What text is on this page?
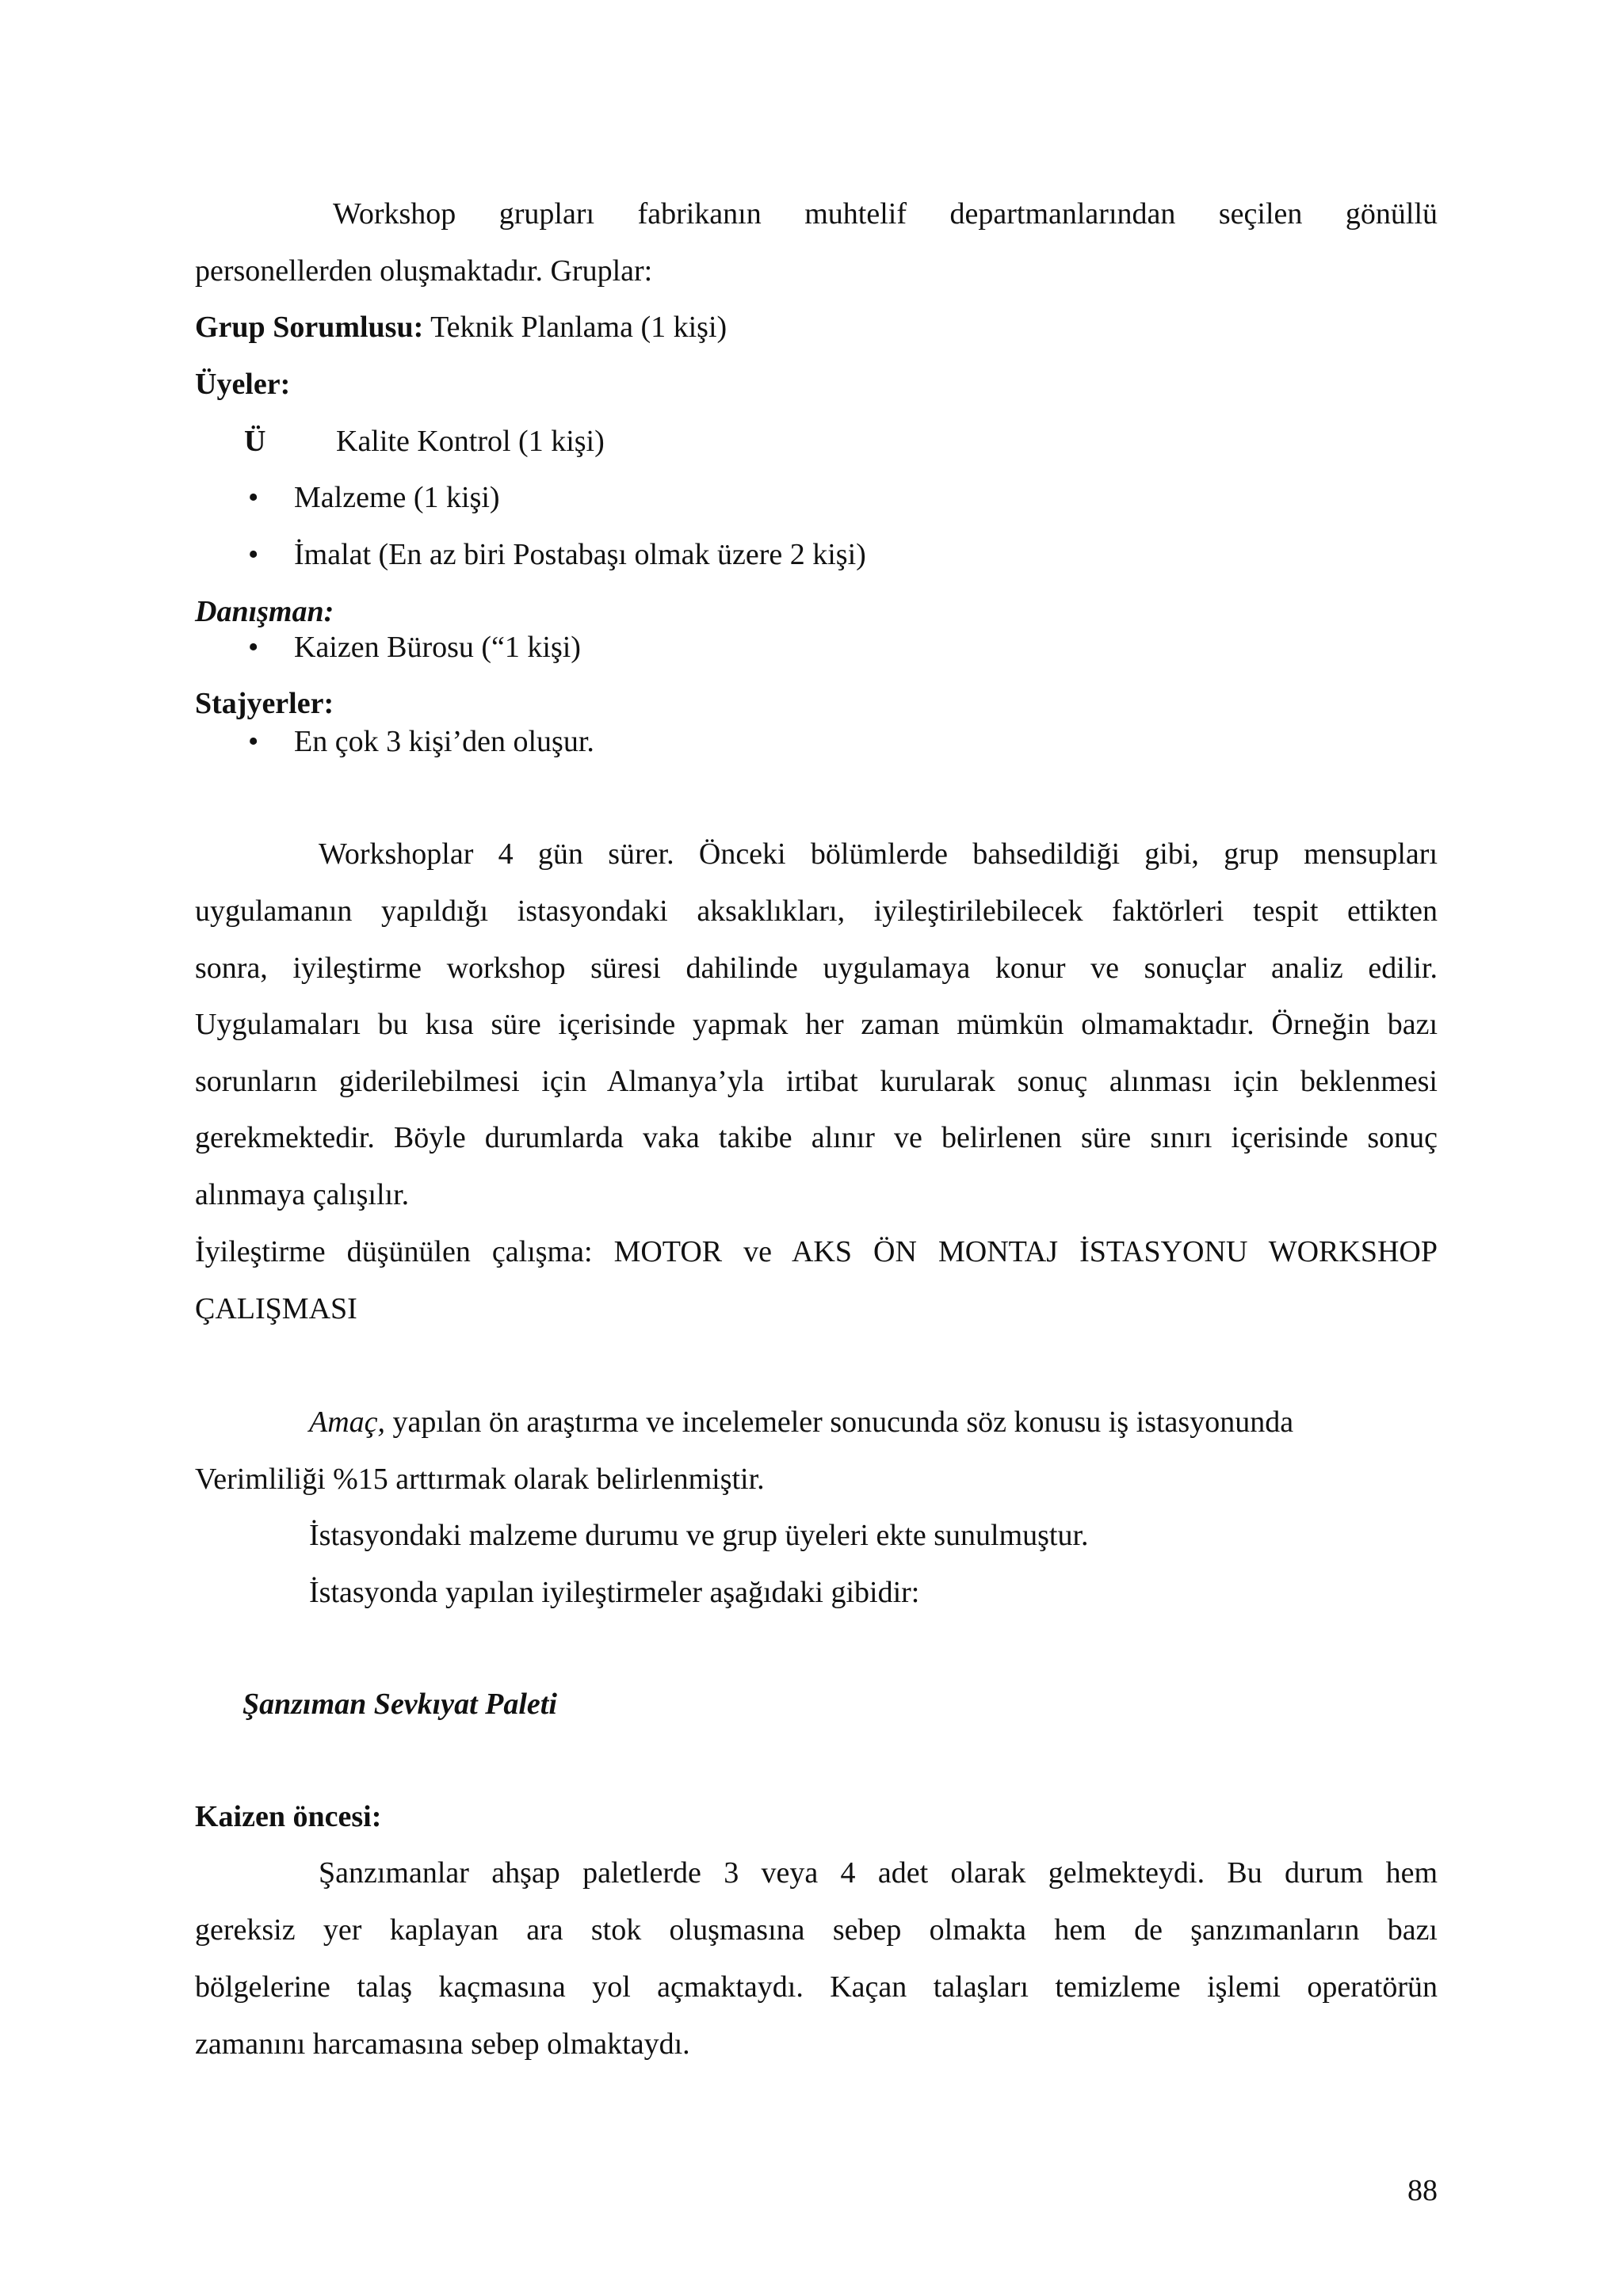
Workshop grupları fabrikanın muhtelif departmanlarından seçilen gönüllü
personellerden oluşmaktadır. Gruplar:
Grup Sorumlusu: Teknik Planlama (1 kişi)
Üyeler:
Ü Kalite Kontrol (1 kişi)
• Malzeme (1 kişi)
• İmalat (En az biri Postabaşı olmak üzere 2 kişi)
Danışman:
• Kaizen Bürosu (“1 kişi)
Stajyerler:
• En çok 3 kişi’den oluşur.
Workshoplar 4 gün sürer. Önceki bölümlerde bahsedildiği gibi, grup mensupları
uygulamanın yapıldığı istasyondaki aksaklıkları, iyileştirilebilecek faktörleri tespit ettikten
sonra, iyileştirme workshop süresi dahilinde uygulamaya konur ve sonuçlar analiz edilir.
Uygulamaları bu kısa süre içerisinde yapmak her zaman mümkün olmamaktadır. Örneğin bazı
sorunların giderilebilmesi için Almanya’yla irtibat kurularak sonuç alınması için beklenmesi
gerekmektedir. Böyle durumlarda vaka takibe alınır ve belirlenen süre sınırı içerisinde sonuç
alınmaya çalışılır.
İyileştirme düşünülen çalışma: MOTOR ve AKS ÖN MONTAJ İSTASYONU WORKSHOP
ÇALIŞMASI
Amaç, yapılan ön araştırma ve incelemeler sonucunda söz konusu iş istasyonunda
Verimliliği %15 arttırmak olarak belirlenmiştir.
İstasyondaki malzeme durumu ve grup üyeleri ekte sunulmuştur.
İstasyonda yapılan iyileştirmeler aşağıdaki gibidir:
Şanzıman Sevkıyat Paleti
Kaizen öncesi:
Şanzımanlar ahşap paletlerde 3 veya 4 adet olarak gelmekteydi. Bu durum hem
gereksiz yer kaplayan ara stok oluşmasına sebep olmakta hem de şanzımanların bazı
bölgelerine talaş kaçmasına yol açmaktaydı. Kaçan talaşları temizleme işlemi operatörün
zamanını harcamasına sebep olmaktaydı.
88
